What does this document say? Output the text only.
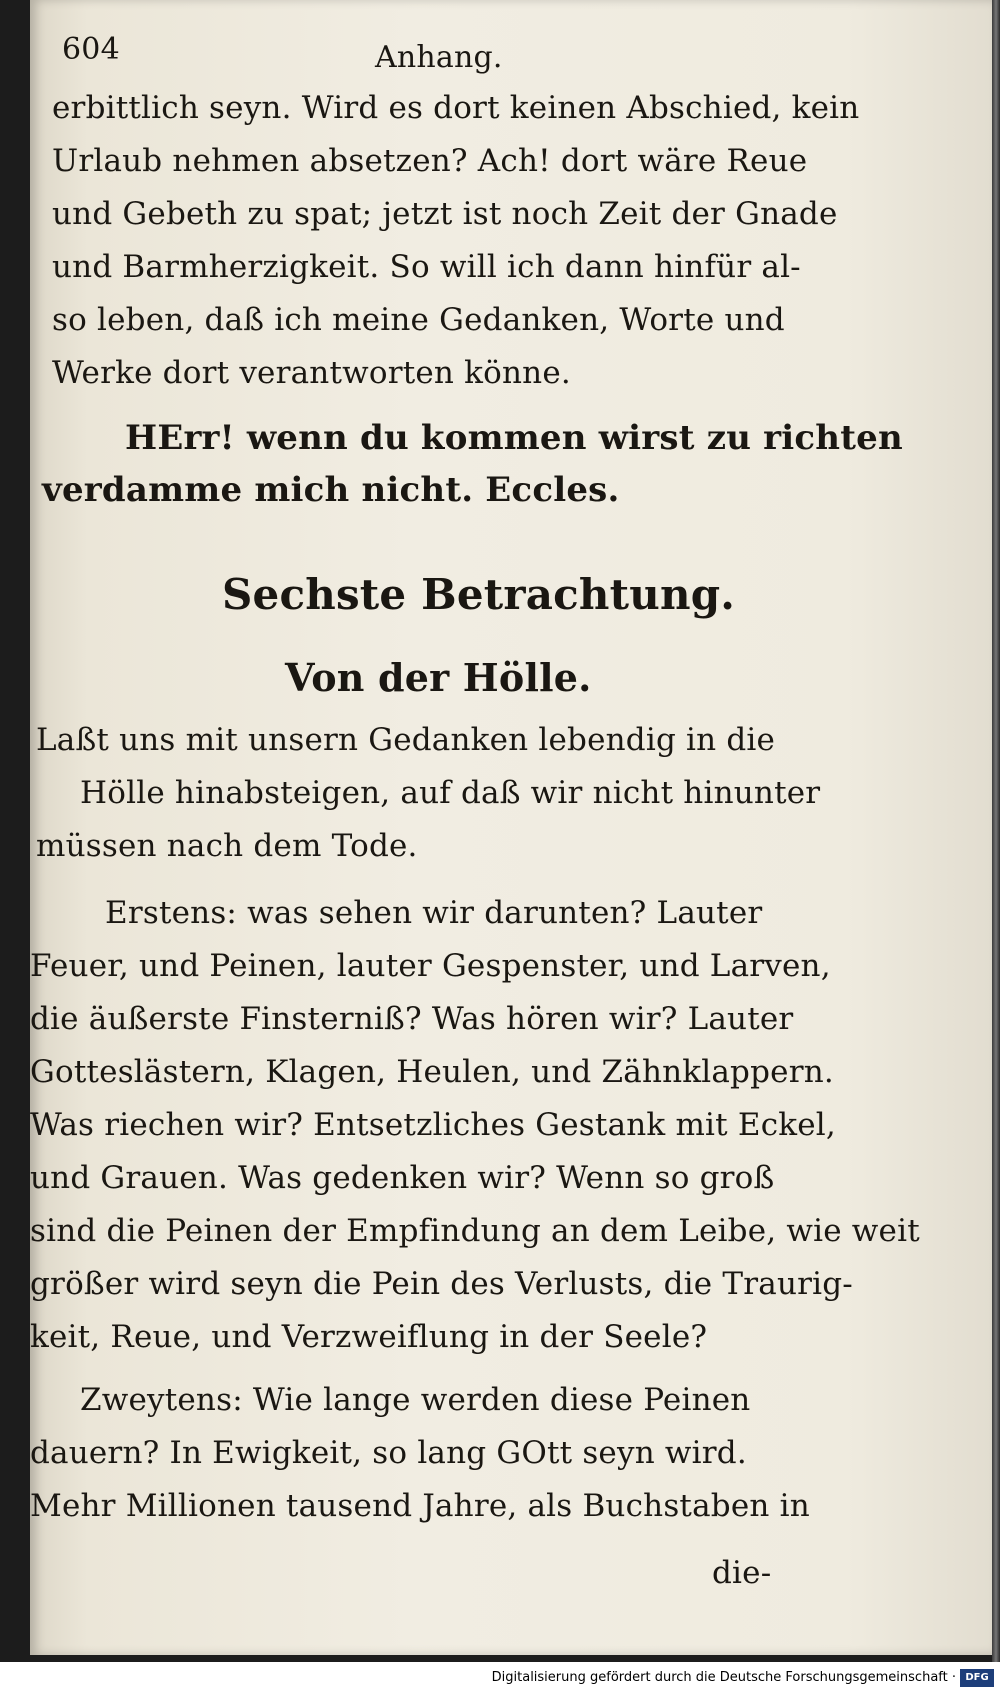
604	Anhang.
erbittlich seyn. Wird es dort keinen Abschied, kein
Urlaub nehmen absetzen? Ach! dort wäre Reue
und Gebeth zu spat; jetzt ist noch Zeit der Gnade
und Barmherzigkeit. So will ich dann hinfür al-
so leben, daß ich meine Gedanken, Worte und
Werke dort verantworten könne.
HErr! wenn du kommen wirst zu richten
verdamme mich nicht. Eccles.
Sechste Betrachtung.
Von der Hölle.
Laßt uns mit unsern Gedanken lebendig in die
Hölle hinabsteigen, auf daß wir nicht hinunter
müssen nach dem Tode.
Erstens: was sehen wir darunten? Lauter
Feuer, und Peinen, lauter Gespenster, und Larven,
die äußerste Finsterniß? Was hören wir? Lauter
Gotteslästern, Klagen, Heulen, und Zähnklappern.
Was riechen wir? Entsetzliches Gestank mit Eckel,
und Grauen. Was gedenken wir? Wenn so groß
sind die Peinen der Empfindung an dem Leibe, wie weit
größer wird seyn die Pein des Verlusts, die Traurig-
keit, Reue, und Verzweiflung in der Seele?
Zweytens: Wie lange werden diese Peinen
dauern? In Ewigkeit, so lang GOtt seyn wird.
Mehr Millionen tausend Jahre, als Buchstaben in
die-
Digitalisierung gefördert durch die Deutsche Forschungsgemeinschaft · DFG
